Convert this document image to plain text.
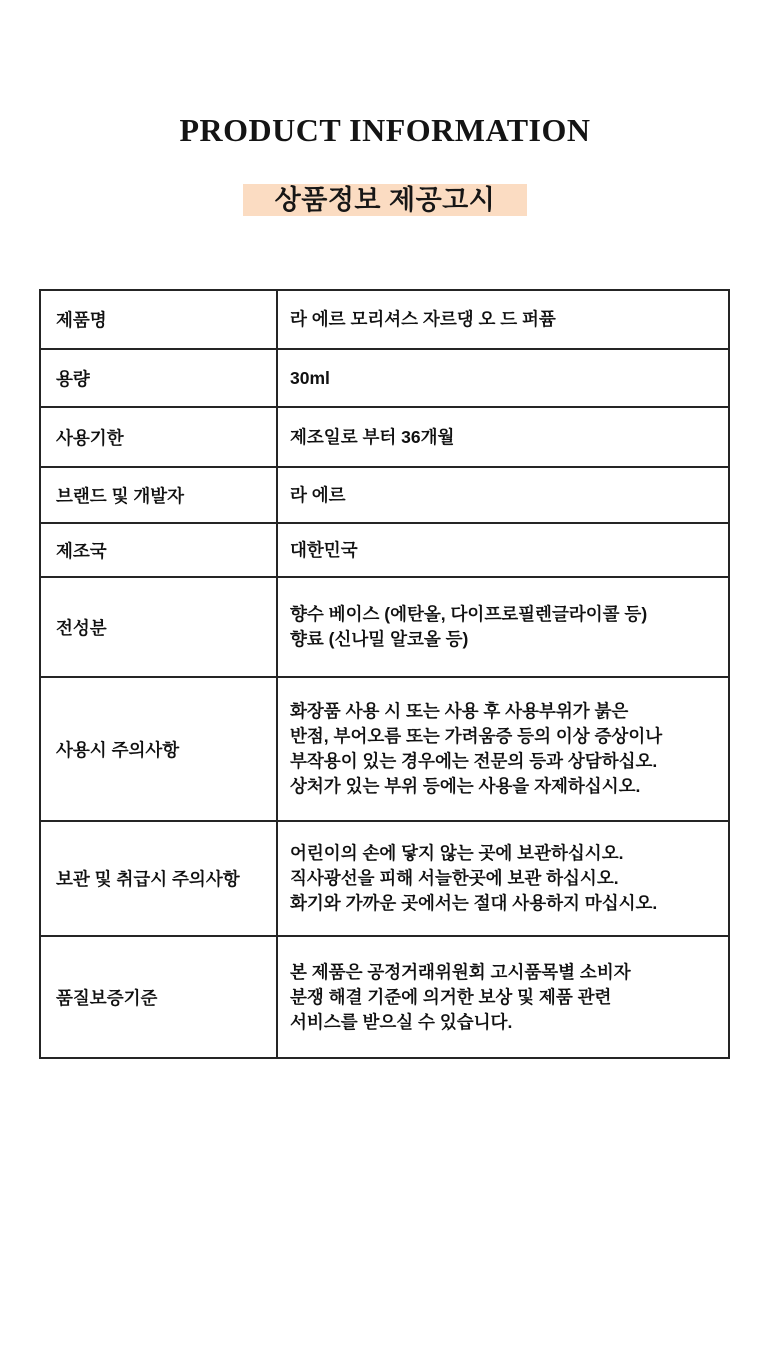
PRODUCT INFORMATION
상품정보 제공고시
제품명	라 에르 모리셔스 자르댕 오 드 퍼퓸

용량	30ml

사용기한	제조일로 부터 36개월

브랜드 및 개발자	라 에르

제조국	대한민국

전성분	향수 베이스 (에탄올, 다이프로필렌글라이콜 등)
향료 (신나밀 알코올 등)

사용시 주의사항	화장품 사용 시 또는 사용 후 사용부위가 붉은
반점, 부어오름 또는 가려움증 등의 이상 증상이나
부작용이 있는 경우에는 전문의 등과 상담하십오.
상처가 있는 부위 등에는 사용을 자제하십시오.

보관 및 취급시 주의사항	어린이의 손에 닿지 않는 곳에 보관하십시오.
직사광선을 피해 서늘한곳에 보관 하십시오.
화기와 가까운 곳에서는 절대 사용하지 마십시오.

품질보증기준	본 제품은 공정거래위원회 고시품목별 소비자
분쟁 해결 기준에 의거한 보상 및 제품 관련
서비스를 받으실 수 있습니다.
